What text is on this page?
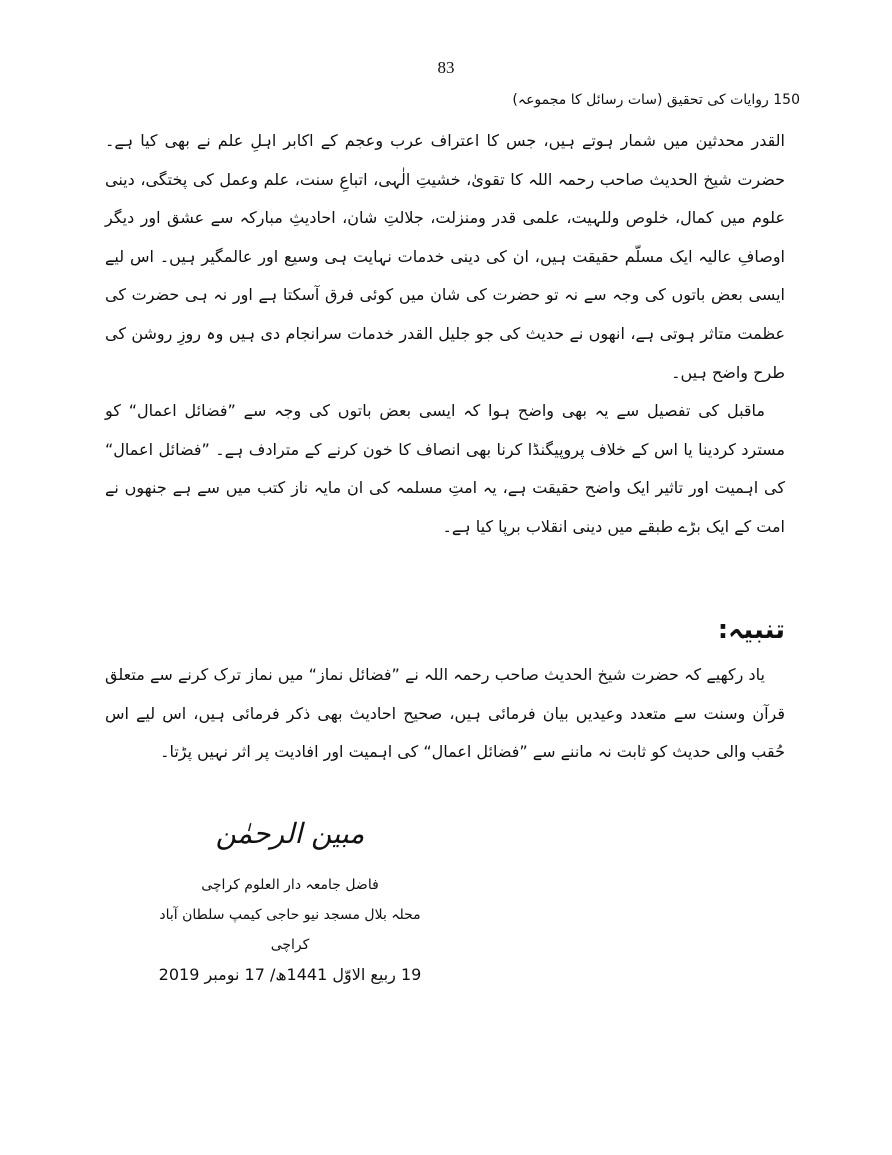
83
150 روایات کی تحقیق (سات رسائل کا مجموعہ)

القدر محدثین میں شمار ہوتے ہیں، جس کا اعتراف عرب وعجم کے اکابر اہلِ علم نے بھی کیا ہے۔ حضرت شیخ الحدیث صاحب رحمہ اللہ کا تقویٰ، خشیتِ الٰہی، اتباعِ سنت، علم وعمل کی پختگی، دینی علوم میں کمال، خلوص وللہیت، علمی قدر ومنزلت، جلالتِ شان، احادیثِ مبارکہ سے عشق اور دیگر اوصافِ عالیہ ایک مسلّم حقیقت ہیں، ان کی دینی خدمات نہایت ہی وسیع اور عالمگیر ہیں۔ اس لیے ایسی بعض باتوں کی وجہ سے نہ تو حضرت کی شان میں کوئی فرق آسکتا ہے اور نہ ہی حضرت کی عظمت متاثر ہوتی ہے، انھوں نے حدیث کی جو جلیل القدر خدمات سرانجام دی ہیں وہ روزِ روشن کی طرح واضح ہیں۔

ماقبل کی تفصیل سے یہ بھی واضح ہوا کہ ایسی بعض باتوں کی وجہ سے ”فضائل اعمال“ کو مسترد کردینا یا اس کے خلاف پروپیگنڈا کرنا بھی انصاف کا خون کرنے کے مترادف ہے۔ ”فضائل اعمال“ کی اہمیت اور تاثیر ایک واضح حقیقت ہے، یہ امتِ مسلمہ کی ان مایہ ناز کتب میں سے ہے جنھوں نے امت کے ایک بڑے طبقے میں دینی انقلاب برپا کیا ہے۔

تنبیہ:

یاد رکھیے کہ حضرت شیخ الحدیث صاحب رحمہ اللہ نے ”فضائل نماز“ میں نماز ترک کرنے سے متعلق قرآن وسنت سے متعدد وعیدیں بیان فرمائی ہیں، صحیح احادیث بھی ذکر فرمائی ہیں، اس لیے اس حُقب والی حدیث کو ثابت نہ ماننے سے ”فضائل اعمال“ کی اہمیت اور افادیت پر اثر نہیں پڑتا۔

مبین الرحمٰن

فاضل جامعہ دار العلوم کراچی

محلہ بلال مسجد نیو حاجی کیمپ سلطان آباد کراچی

19 ربیع الاوّل 1441ھ/ 17 نومبر 2019
